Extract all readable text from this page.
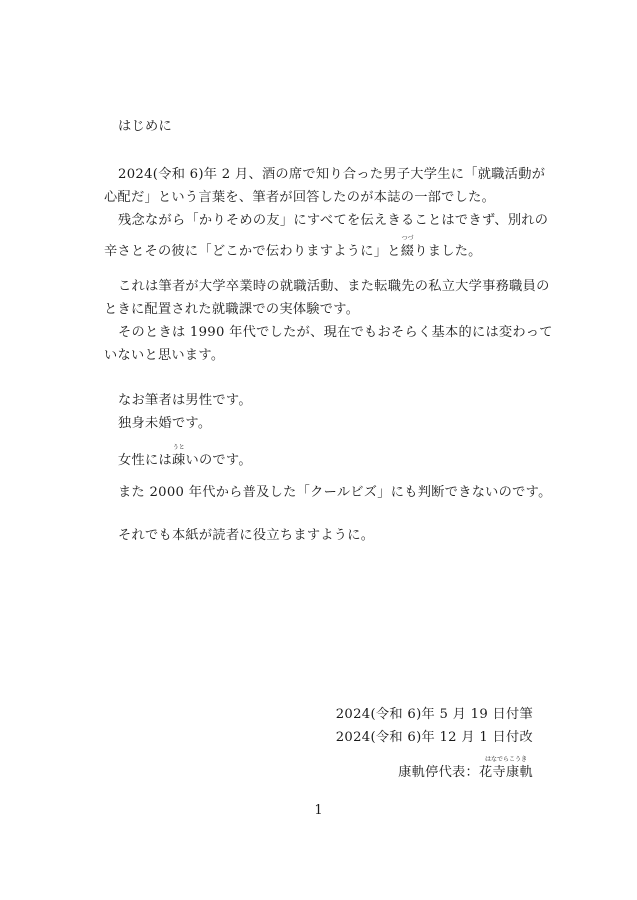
はじめに
2024(令和 6)年 2 月、酒の席で知り合った男子大学生に「就職活動が
心配だ」という言葉を、筆者が回答したのが本誌の一部でした。
残念ながら「かりそめの友」にすべてを伝えきることはできず、別れの
辛さとその彼に「どこかで伝わりますように」と綴
つづ
りました。
これは筆者が大学卒業時の就職活動、また転職先の私立大学事務職員の
ときに配置された就職課での実体験です。
そのときは 1990 年代でしたが、現在でもおそらく基本的には変わって
いないと思います。
なお筆者は男性です。
独身未婚です。
女性には疎
うと
いのです。
また 2000 年代から普及した「クールビズ」にも判断できないのです。
それでも本紙が読者に役立ちますように。
2024(令和 6)年 5 月 19 日付筆
2024(令和 6)年 12 月 1 日付改
康軌停代表：花寺康軌
はなでらこうき
1
